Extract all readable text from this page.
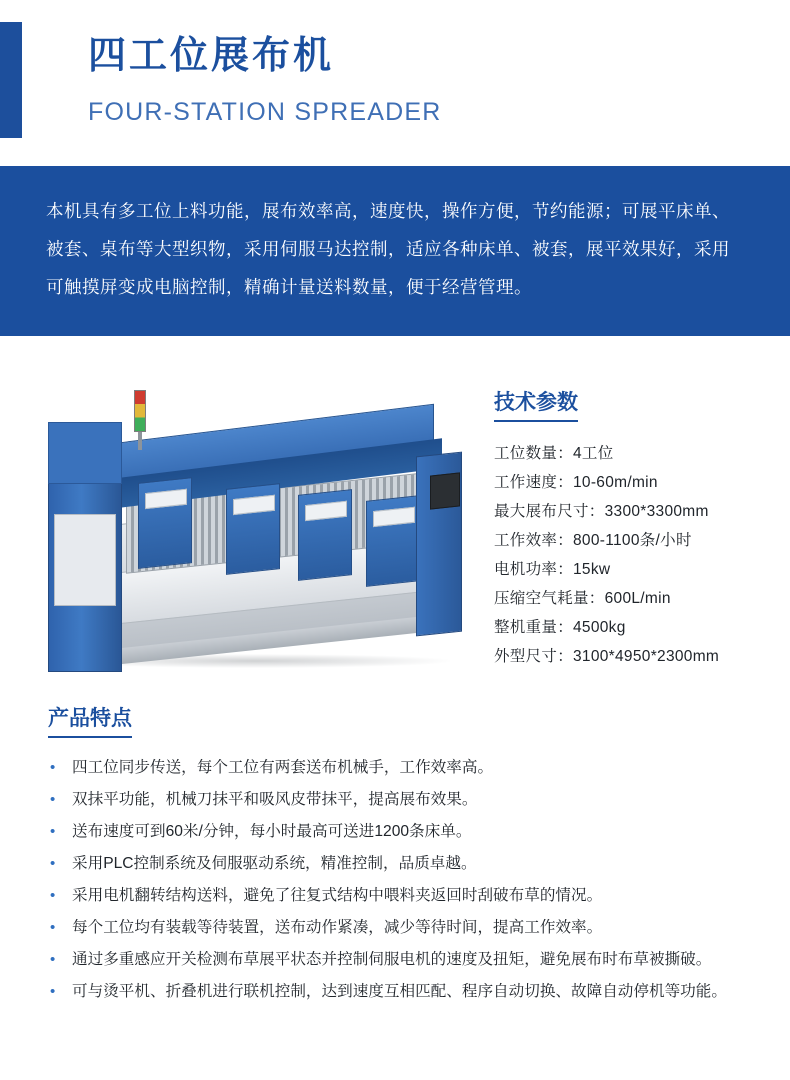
四工位展布机
FOUR-STATION SPREADER
本机具有多工位上料功能，展布效率高，速度快，操作方便，节约能源；可展平床单、被套、桌布等大型织物，采用伺服马达控制，适应各种床单、被套，展平效果好，采用可触摸屏变成电脑控制，精确计量送料数量，便于经营管理。
技术参数
工位数量：4工位
工作速度：10-60m/min
最大展布尺寸：3300*3300mm
工作效率：800-1100条/小时
电机功率：15kw
压缩空气耗量：600L/min
整机重量：4500kg
外型尺寸：3100*4950*2300mm
产品特点
•	四工位同步传送，每个工位有两套送布机械手，工作效率高。
•	双抹平功能，机械刀抹平和吸风皮带抹平，提高展布效果。
•	送布速度可到60米/分钟，每小时最高可送进1200条床单。
•	采用PLC控制系统及伺服驱动系统，精准控制，品质卓越。
•	采用电机翻转结构送料，避免了往复式结构中喂料夹返回时刮破布草的情况。
•	每个工位均有装载等待装置，送布动作紧凑，减少等待时间，提高工作效率。
•	通过多重感应开关检测布草展平状态并控制伺服电机的速度及扭矩，避免展布时布草被撕破。
•	可与烫平机、折叠机进行联机控制，达到速度互相匹配、程序自动切换、故障自动停机等功能。
